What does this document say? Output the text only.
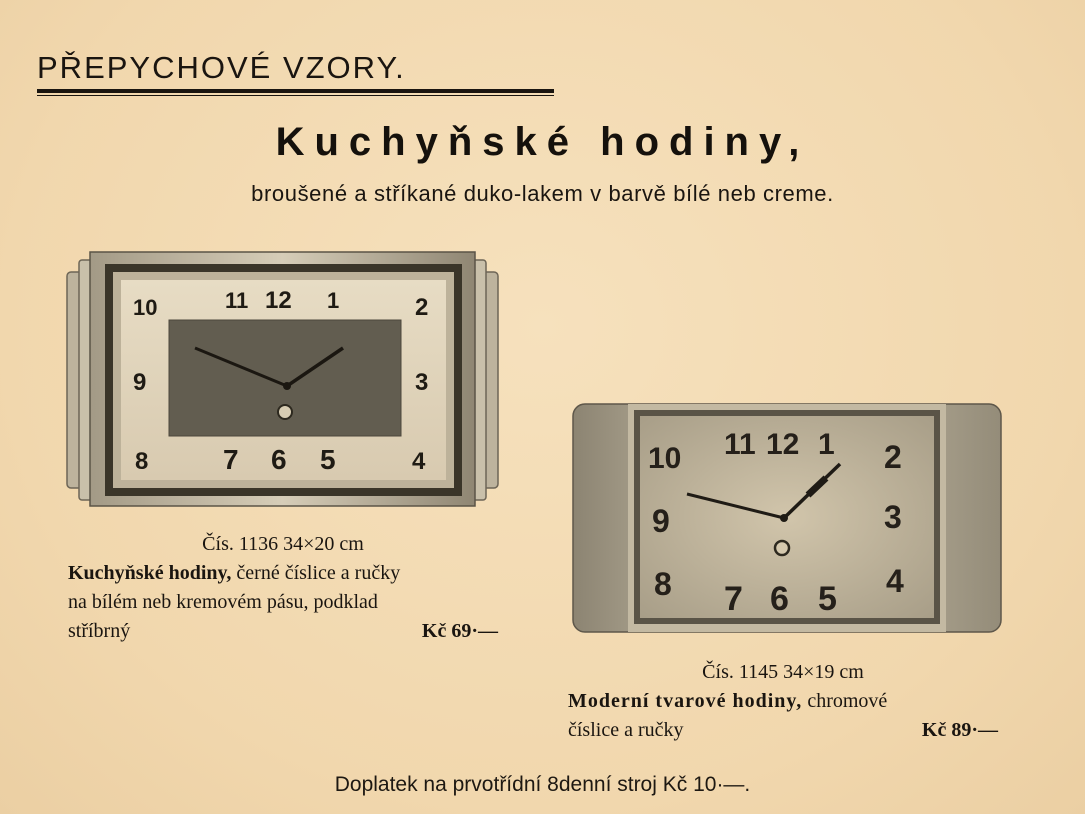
PŘEPYCHOVÉ VZORY.
Kuchyňské hodiny,
broušené a stříkané duko-lakem v barvě bílé neb creme.
10	11 12 1	2
9	3
8	7 6 5	4	10 11 12 1 2
9	3
8 7 6 5 4
Čís. 1136 34×20 cm
Kuchyňské hodiny, černé číslice a ručky
na bílém neb kremovém pásu, podklad
stříbrný	Kč 69·—
Čís. 1145 34×19 cm
Moderní tvarové hodiny, chromové
číslice a ručky	Kč 89·—
Doplatek na prvotřídní 8denní stroj Kč 10·—.
